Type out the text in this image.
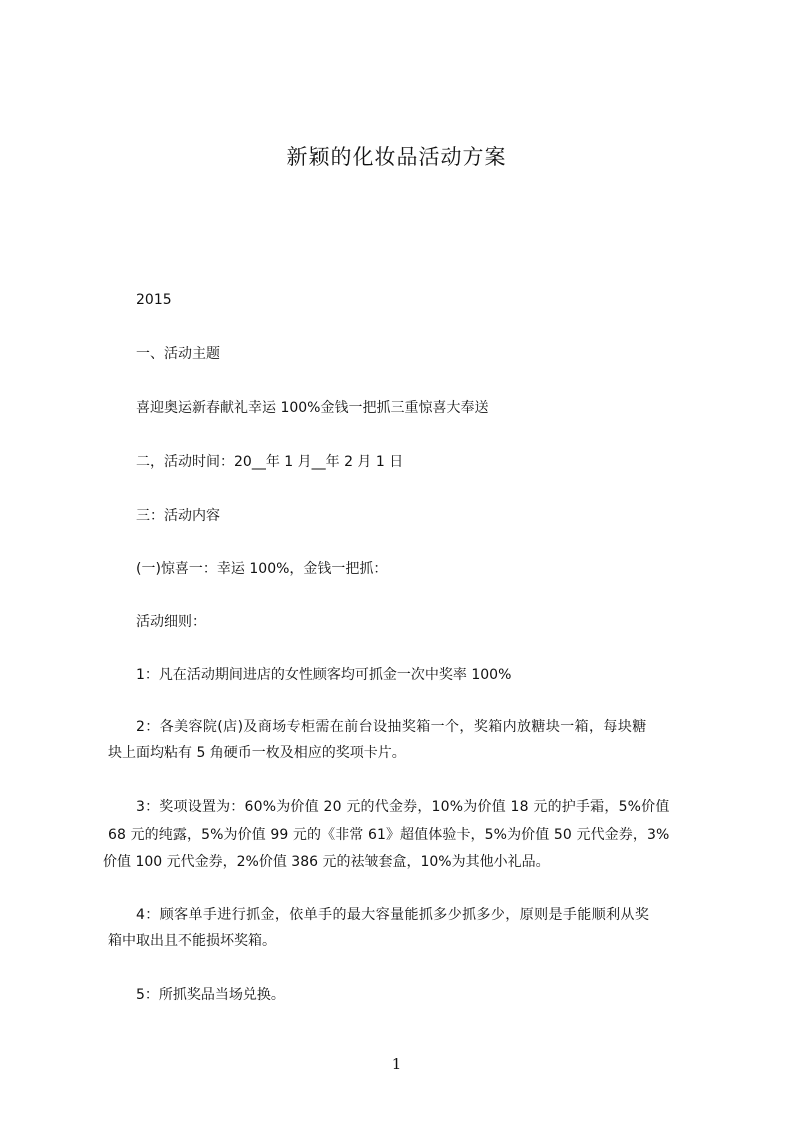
新颖的化妆品活动方案
2015
一、活动主题
喜迎奥运新春献礼幸运 100%金钱一把抓三重惊喜大奉送
二，活动时间：20__年 1 月__年 2 月 1 日
三：活动内容
(一)惊喜一：幸运 100%，金钱一把抓：
活动细则：
1：凡在活动期间进店的女性顾客均可抓金一次中奖率 100%
2：各美容院(店)及商场专柜需在前台设抽奖箱一个，奖箱内放糖块一箱，每块糖
块上面均粘有 5 角硬币一枚及相应的奖项卡片。
3：奖项设置为：60%为价值 20 元的代金券，10%为价值 18 元的护手霜，5%价值
68 元的纯露，5%为价值 99 元的《非常 61》超值体验卡，5%为价值 50 元代金券，3%
价值 100 元代金券，2%价值 386 元的祛皱套盒，10%为其他小礼品。
4：顾客单手进行抓金，依单手的最大容量能抓多少抓多少，原则是手能顺利从奖
箱中取出且不能损坏奖箱。
5：所抓奖品当场兑换。
1
